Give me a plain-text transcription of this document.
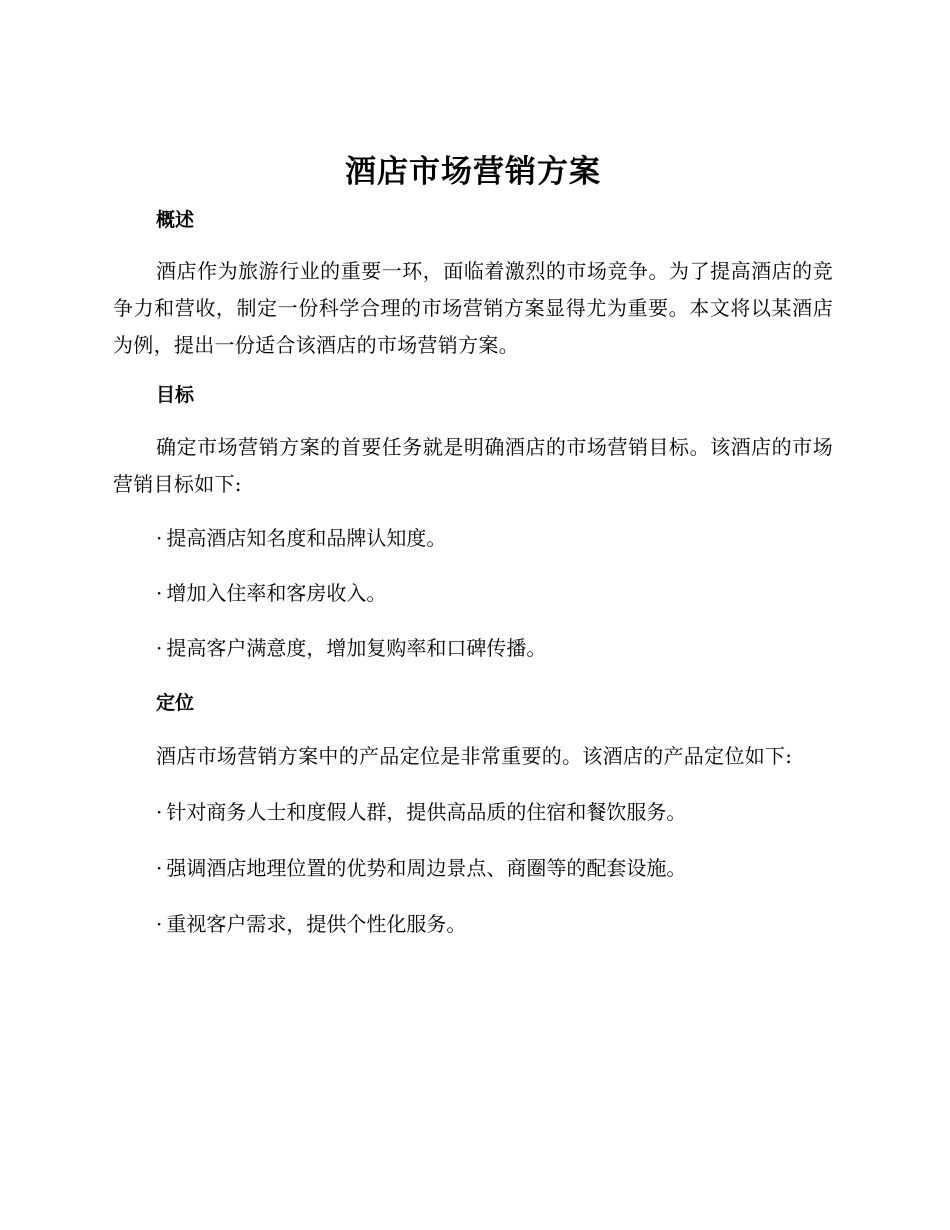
酒店市场营销方案
概述

酒店作为旅游行业的重要一环，面临着激烈的市场竞争。为了提高酒店的竞争力和营收，制定一份科学合理的市场营销方案显得尤为重要。本文将以某酒店为例，提出一份适合该酒店的市场营销方案。

目标

确定市场营销方案的首要任务就是明确酒店的市场营销目标。该酒店的市场营销目标如下:

· 提高酒店知名度和品牌认知度。

· 增加入住率和客房收入。

· 提高客户满意度，增加复购率和口碑传播。

定位

酒店市场营销方案中的产品定位是非常重要的。该酒店的产品定位如下:

· 针对商务人士和度假人群，提供高品质的住宿和餐饮服务。

· 强调酒店地理位置的优势和周边景点、商圈等的配套设施。

· 重视客户需求，提供个性化服务。
